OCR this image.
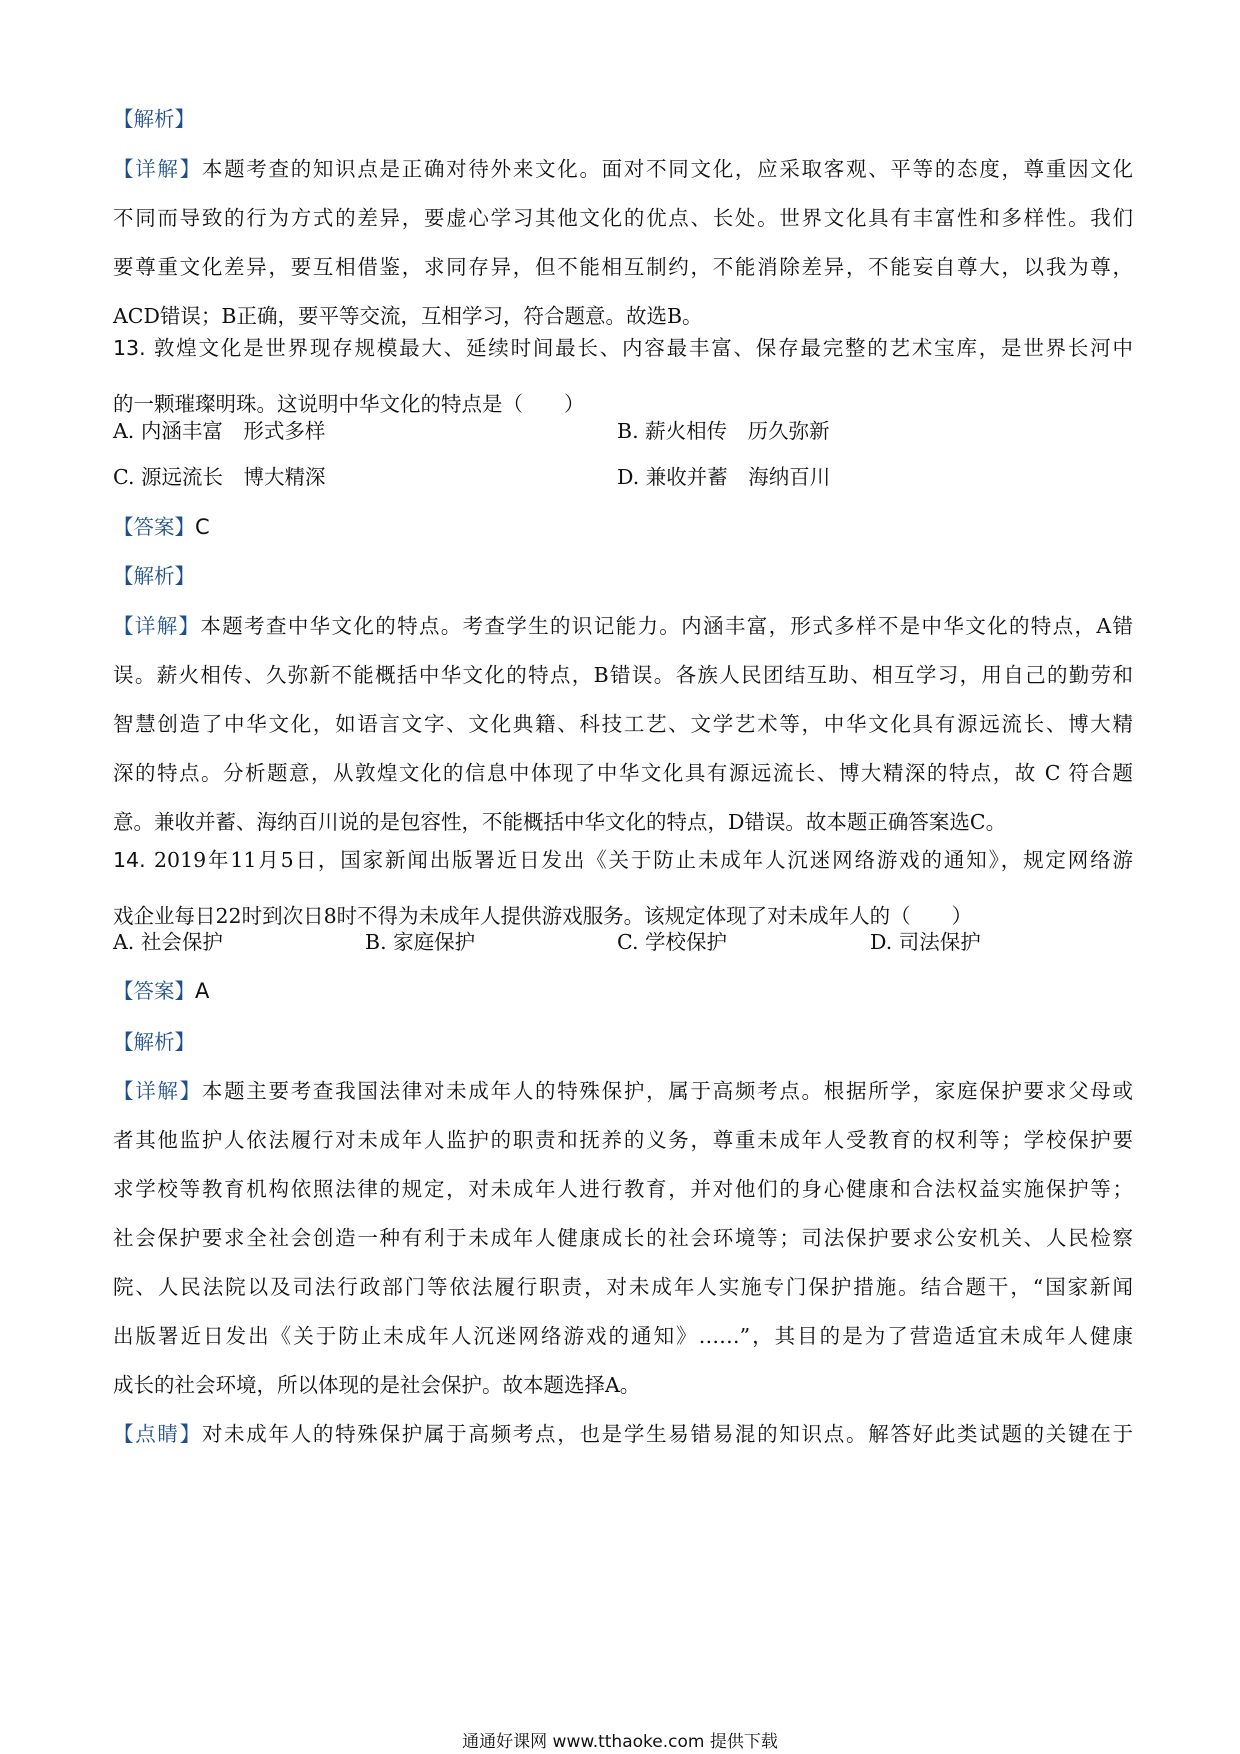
【解析】
【详解】本题考查的知识点是正确对待外来文化。面对不同文化，应采取客观、平等的态度，尊重因文化
不同而导致的行为方式的差异，要虚心学习其他文化的优点、长处。世界文化具有丰富性和多样性。我们
要尊重文化差异，要互相借鉴，求同存异，但不能相互制约，不能消除差异，不能妄自尊大，以我为尊，
ACD错误；B正确，要平等交流，互相学习，符合题意。故选B。
13. 敦煌文化是世界现存规模最大、延续时间最长、内容最丰富、保存最完整的艺术宝库，是世界长河中
的一颗璀璨明珠。这说明中华文化的特点是（　　）
A. 内涵丰富　形式多样	B. 薪火相传　历久弥新
C. 源远流长　博大精深	D. 兼收并蓄　海纳百川
【答案】C
【解析】
【详解】本题考查中华文化的特点。考查学生的识记能力。内涵丰富，形式多样不是中华文化的特点，A错
误。薪火相传、久弥新不能概括中华文化的特点，B错误。各族人民团结互助、相互学习，用自己的勤劳和
智慧创造了中华文化，如语言文字、文化典籍、科技工艺、文学艺术等，中华文化具有源远流长、博大精
深的特点。分析题意，从敦煌文化的信息中体现了中华文化具有源远流长、博大精深的特点，故 C 符合题
意。兼收并蓄、海纳百川说的是包容性，不能概括中华文化的特点，D错误。故本题正确答案选C。
14. 2019年11月5日，国家新闻出版署近日发出《关于防止未成年人沉迷网络游戏的通知》，规定网络游
戏企业每日22时到次日8时不得为未成年人提供游戏服务。该规定体现了对未成年人的（　　）
A. 社会保护	B. 家庭保护	C. 学校保护	D. 司法保护
【答案】A
【解析】
【详解】本题主要考查我国法律对未成年人的特殊保护，属于高频考点。根据所学，家庭保护要求父母或
者其他监护人依法履行对未成年人监护的职责和抚养的义务，尊重未成年人受教育的权利等；学校保护要
求学校等教育机构依照法律的规定，对未成年人进行教育，并对他们的身心健康和合法权益实施保护等；
社会保护要求全社会创造一种有利于未成年人健康成长的社会环境等；司法保护要求公安机关、人民检察
院、人民法院以及司法行政部门等依法履行职责，对未成年人实施专门保护措施。结合题干，“国家新闻
出版署近日发出《关于防止未成年人沉迷网络游戏的通知》……”，其目的是为了营造适宜未成年人健康
成长的社会环境，所以体现的是社会保护。故本题选择A。
【点睛】对未成年人的特殊保护属于高频考点，也是学生易错易混的知识点。解答好此类试题的关键在于
通通好课网 www.tthaoke.com 提供下载
